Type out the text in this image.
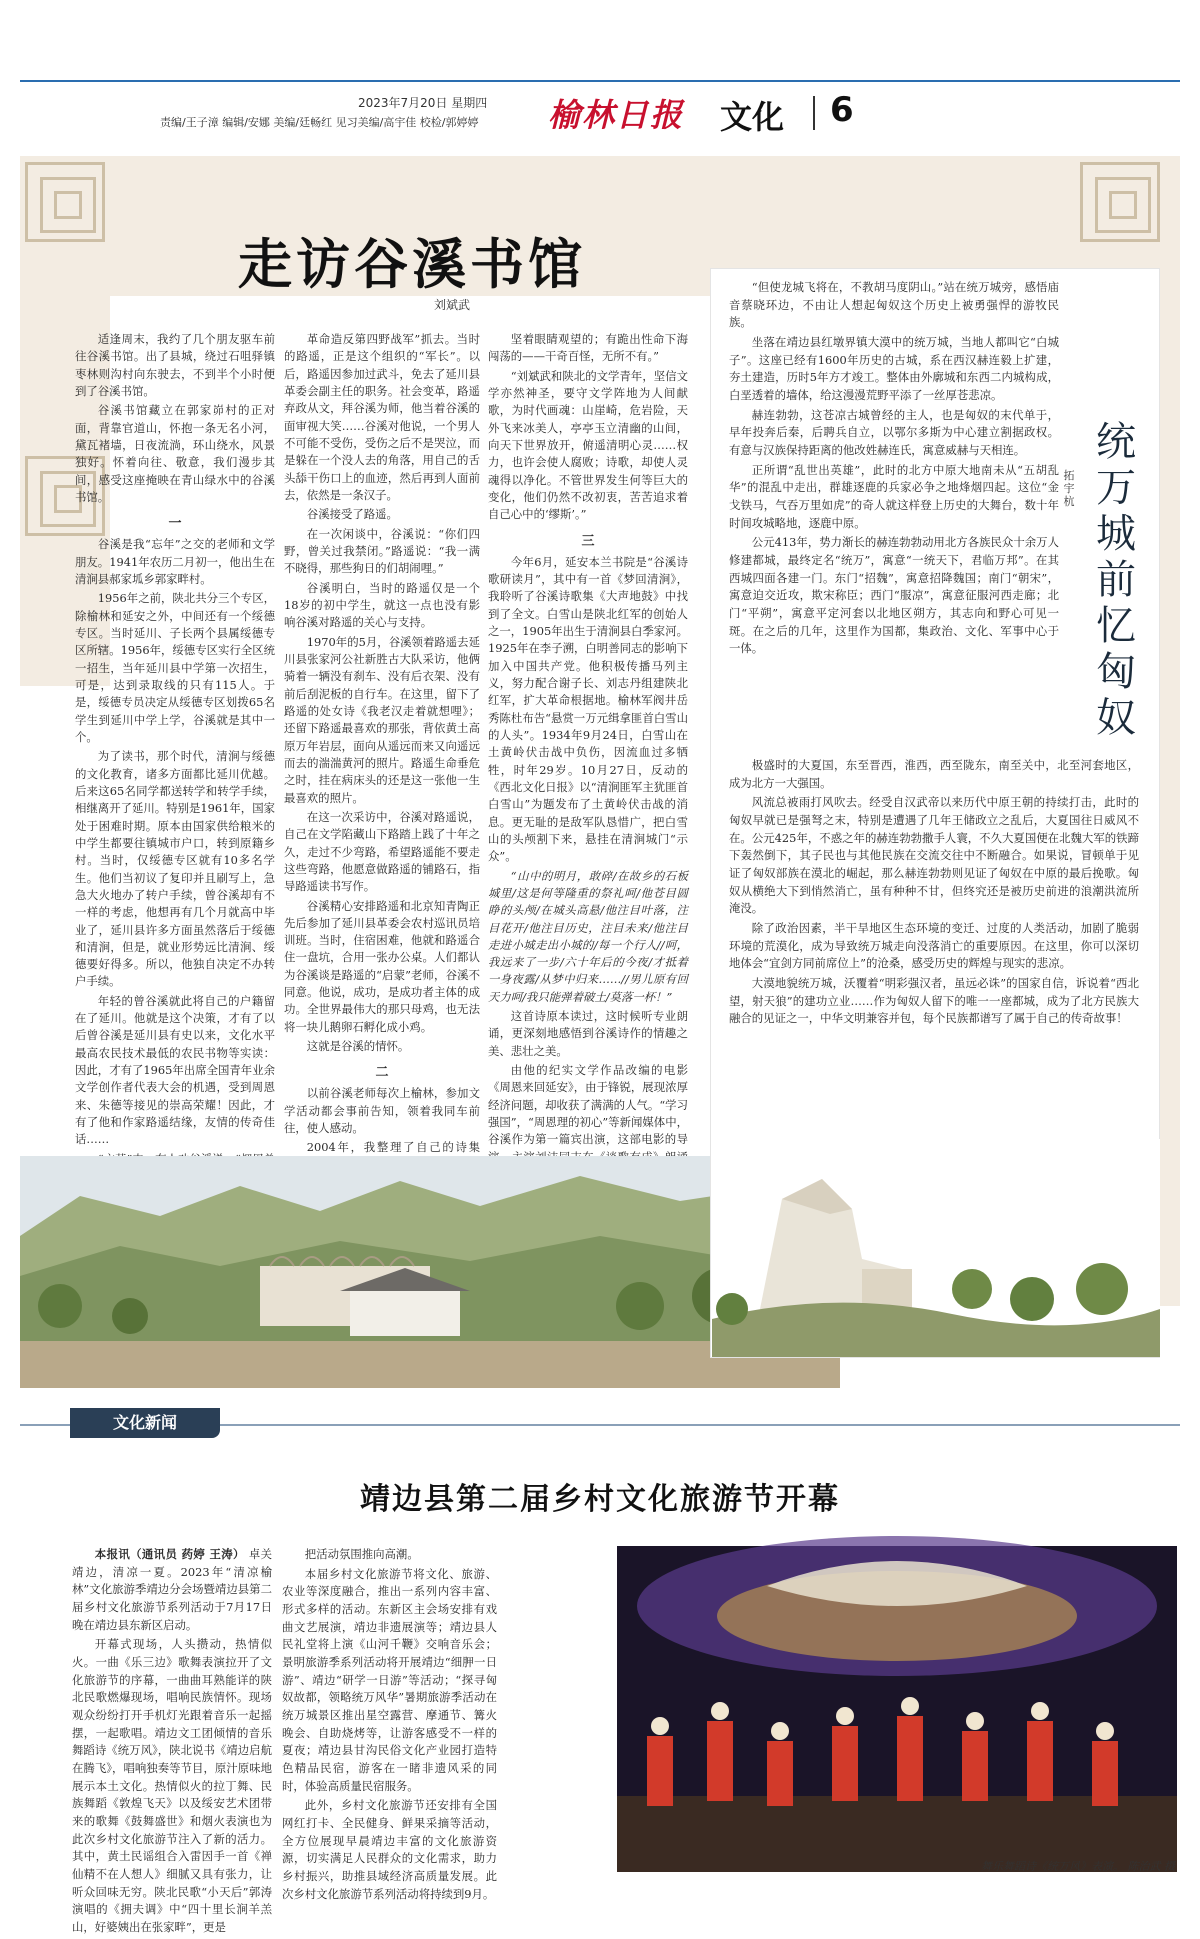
2023年7月20日 星期四
责编/王子漳 编辑/安娜 美编/廷畅红 见习美编/高宇佳 校检/郭婷婷 榆林日报 文化 6
走访谷溪书馆
刘斌武

适逢周末，我约了几个朋友驱车前往谷溪书馆。出了县城，绕过石咀驿镇枣林则沟村向东驶去，不到半个小时便到了谷溪书馆。

谷溪书馆藏立在郭家峁村的正对面，背靠官道山，怀抱一条无名小河，黛瓦褚墙，日夜流淌，环山绕水，风景独好。怀着向往、敬意，我们漫步其间，感受这座掩映在青山绿水中的谷溪书馆。

一

谷溪是我“忘年”之交的老师和文学朋友。1941年农历二月初一，他出生在清涧县郝家坬乡郭家畔村。

1956年之前，陕北共分三个专区，除榆林和延安之外，中间还有一个绥德专区。当时延川、子长两个县属绥德专区所辖。1956年，绥德专区实行全区统一招生，当年延川县中学第一次招生，可是，达到录取线的只有115人。于是，绥德专员决定从绥德专区划拨65名学生到延川中学上学，谷溪就是其中一个。

为了读书，那个时代，清涧与绥德的文化教育，诸多方面都比延川优越。后来这65名同学都送转学和转学手续，相继离开了延川。特别是1961年，国家处于困难时期。原本由国家供给粮米的中学生都要往镇城市户口，转到原籍乡村。当时，仅绥德专区就有10多名学生。他们当初议了复印并且刷写上，急急大火地办了转户手续，曾谷溪却有不一样的考虑，他想再有几个月就高中毕业了，延川县许多方面虽然落后于绥德和清涧，但是，就业形势远比清涧、绥德要好得多。所以，他独自决定不办转户手续。

年轻的曾谷溪就此将自己的户籍留在了延川。他就是这个决策，才有了以后曾谷溪是延川县有史以来，文化水平最高农民技术最低的农民书物等实读：因此，才有了1965年出席全国青年业余文学创作者代表大会的机遇，受到周恩来、朱德等接见的崇高荣耀！因此，才有了他和作家路遥结缘，友情的传奇佳话……

革命造反第四野战军”抓去。当时的路遥，正是这个组织的“军长”。以后，路遥因参加过武斗，免去了延川县革委会副主任的职务。社会变革，路遥弃政从文，拜谷溪为师，他当着谷溪的面审视大笑……谷溪对他说，一个男人不可能不受伤，受伤之后不是哭泣，而是躲在一个没人去的角落，用自己的舌头舔干伤口上的血迹，然后再到人面前去，依然是一条汉子。

谷溪接受了路遥。

在一次闲谈中，谷溪说：“你们四野，曾关过我禁闭。”路遥说：“我一满不晓得，那些狗日的们胡闹哩。”

谷溪明白，当时的路遥仅是一个18岁的初中学生，就这一点也没有影响谷溪对路遥的关心与支持。

1970年的5月，谷溪领着路遥去延川县张家河公社新胜古大队采访，他俩骑着一辆没有刹车、没有后衣架、没有前后刮泥板的自行车。在这里，留下了路遥的处女诗《我老汉走着就想哩》；还留下路遥最喜欢的那张，背依黄土高原万年岩层，面向从遥远而来又向遥远而去的湍湍黄河的照片。路遥生命垂危之时，挂在病床头的还是这一张他一生最喜欢的照片。

在这一次采访中，谷溪对路遥说，自己在文学陷藏山下路踏上践了十年之久，走过不少弯路，希望路遥能不要走这些弯路，他愿意做路遥的铺路石，指导路遥读书写作。

谷溪精心安排路遥和北京知青陶正先后参加了延川县革委会农村巡讯员培训班。当时，住宿困难，他就和路遥合住一盘坑，合用一张办公桌。人们都认为谷溪谈是路遥的“启蒙”老师，谷溪不同意。他说，成功，是成功者主体的成功。全世界最伟大的那只母鸡，也无法将一块儿鹅卵石孵化成小鸡。

这就是谷溪的情怀。

二

以前谷溪老师每次上榆林，参加文学活动都会事前告知，领着我同车前往，使人感动。

2004年，我整理了自己的诗集

坚着眼睛观望的；有跪出性命下海闯荡的——干奇百怪，无所不有。”

“刘斌武和陕北的文学青年，坚信文学亦然神圣，要守文学阵地为人间献歌，为时代画魂：山崖崎，危岩险，天外飞来冰美人，亭亭玉立清幽的山间，向天下世界放开，俯遥清明心灵……权力，也许会使人腐败；诗歌，却使人灵魂得以净化。不管世界发生何等巨大的变化，他们仍然不改初衷，苦苦追求着自己心中的‘缪斯’。”

三

今年6月，延安本兰书院是“谷溪诗歌研读月”，其中有一首《梦回清涧》，我聆听了谷溪诗歌集《大声地鼓》中找到了全文。白雪山是陕北红军的创始人之一，1905年出生于清涧县白季家河。1925年在李子溯，白明善同志的影响下加入中国共产党。他积极传播马列主义，努力配合谢子长、刘志丹组建陕北红军，扩大革命根据地。榆林军阀井岳秀陈杜布告“悬赏一万元缉拿匪首白雪山的人头”。1934年9月24日，白雪山在土黄岭伏击战中负伤，因流血过多牺牲，时年29岁。10月27日，反动的《西北文化日报》以“清涧匪军主犹匪首白雪山”为题发布了土黄岭伏击战的消息。更无耻的是敌军队恳惜广，把白雪山的头颅割下来，悬挂在清涧城门“示众”。

“山中的明月，敢碎/在故乡的石板城里/这是何等隆重的祭礼呵/他苍目圆睁的头颅/在城头高悬/他注目叶落，注目花开/他注目历史，注目未来/他注目走进小城走出小城的/每一个行人//呵，我远来了一步/六十年后的今夜/才抵着一身夜露/从梦中归来……//男儿原有回天力呵/我只能弹着破土/莫落一杯！”

这首诗原本读过，这时候听专业朗诵，更深刻地感悟到谷溪诗作的情趣之美、悲壮之美。

由他的纪实文学作品改编的电影《周恩来回延安》，由于锋锐，展现浓厚经济问题，却收获了满满的人气。“学习强国”，“周恩理的初心”等新闻媒体中，谷溪作为第一篇宾出演，这部电影的导

统万城前忆匈奴
拓宇杭

“但使龙城飞将在，不教胡马度阴山。”站在统万城旁，感悟庙音蔡晓环边，不由让人想起匈奴这个历史上被勇强悍的游牧民族。

坐落在靖边县红墩界镇大漠中的统万城，当地人都叫它“白城子”。这座已经有1600年历史的古城，系在西汉赫连毅上扩建，夯土建造，历时5年方才竣工。整体由外廓城和东西二内城构成，白垩透着的墙体，给这漫漫荒野平添了一丝厚苍悲凉。

赫连勃勃，这苍凉古城曾经的主人，也是匈奴的末代单于，早年投奔后秦，后聘兵自立，以鄂尔多斯为中心建立割据政权。有意与汉族保持距离的他改姓赫连氏，寓意威赫与天相连。

正所谓“乱世出英雄”，此时的北方中原大地南未从“五胡乱华”的混乱中走出，群雄逐鹿的兵家必争之地烽烟四起。这位“金戈铁马，气吞万里如虎”的奇人就这样登上历史的大舞台，数十年时间攻城略地，逐鹿中原。

公元413年，势力渐长的赫连勃勃动用北方各族民众十余万人修建都城，最终定名“统万”，寓意“一统天下，君临万邦”。在其西城四面各建一门。东门“招魏”，寓意招降魏国；南门“朝宋”，寓意迫交近攻，欺宋称臣；西门“服凉”，寓意征服河西走廊；北门“平朔”，寓意平定河套以北地区朔方，其志向和野心可见一斑。在之后的几年，这里作为国都，集政治、文化、军事中心于一体。

极盛时的大夏国，东至晋西，淮西，西至陇东，南至关中，北至河套地区，成为北方一大强国。

风流总被雨打风吹去。经受自汉武帝以来历代中原王朝的持续打击，此时的匈奴早就已是强弩之末，特别是遭遇了几年王储政立之乱后，大夏国往日威风不在。公元425年，不惑之年的赫连勃勃撒手人寰，不久大夏国便在北魏大军的铁蹄下轰然倒下，其子民也与其他民族在交流交往中不断融合。如果说，冒顿单于见证了匈奴部族在漠北的崛起，那么赫连勃勃则见证了匈奴在中原的最后挽歌。匈奴从横绝大下到悄然消亡，虽有种种不甘，但终究还是被历史前进的浪潮洪流所淹没。

除了政治因素，半干旱地区生态环境的变迁、过度的人类活动，加剧了脆弱环境的荒漠化，成为导致统万城走向没落消亡的重要原因。在这里，你可以深切地体会“宜剑方同前席位上”的沧桑，感受历史的辉煌与现实的悲凉。

大漠地貌统万城，沃覆着“明彩强汉者，虽远必诛”的国家自信，诉说着“西北望，射天狼”的建功立业……作为匈奴人留下的唯一一座都城，成为了北方民族大融合的见证之一，中华文明兼容并包，每个民族都谱写了属于自己的传奇故事！

文化新闻
靖边县第二届乡村文化旅游节开幕

本报讯（通讯员 药婷 王涛） 卓关靖边，清凉一夏。2023年“清凉榆林”文化旅游季靖边分会场暨靖边县第二届乡村文化旅游节系列活动于7月17日晚在靖边县东新区启动。

开幕式现场，人头攒动，热情似火。一曲《乐三边》歌舞表演拉开了文化旅游节的序幕，一曲曲耳熟能详的陕北民歌燃爆现场，唱响民族情怀。现场观众纷纷打开手机灯光跟着音乐一起摇摆，一起歌唱。靖边文工团倾情的音乐舞蹈诗《统万风》，陕北说书《靖边启航在腾飞》，唱响独奏等节目，原汁原味地展示本土文化。热情似火的拉丁舞、民族舞蹈《敦煌飞天》以及绥安艺术团带来的歌舞《鼓舞盛世》和烟火表演也为此次乡村文化旅游节注入了新的活力。其中，黄土民谣组合入雷因手一首《禅仙精不在人想人》细腻又具有张力，让听众回味无穷。陕北民歌“小天后”郭涛演唱的《拥夫调》中“四十里长涧羊羔山，好婆姨出在张家畔”，更是

把活动氛围推向高潮。

本届乡村文化旅游节将文化、旅游、农业等深度融合，推出一系列内容丰富、形式多样的活动。东新区主会场安排有戏曲文艺展演，靖边非遗展演等；靖边县人民礼堂将上演《山河千鞭》交响音乐会；景明旅游季系列活动将开展靖边“细胛一日游”、靖边“研学一日游”等活动；“探寻匈奴故都，领略统万风华”暑期旅游季活动在统万城景区推出星空露营、摩通节、篝火晚会、自助烧烤等，让游客感受不一样的夏夜；靖边县甘沟民俗文化产业园打造特色精品民宿，游客在一睹非遗风采的同时，体验高质量民宿服务。

此外，乡村文化旅游节还安排有全国网红打卡、全民健身、鲜果采摘等活动，全方位展现早晨靖边丰富的文化旅游资源，切实满足人民群众的文化需求，助力乡村振兴，助推县域经济高质量发展。此次乡村文化旅游节系列活动将持续到9月。

舞乐舞蹈诗《统万风》表演。 陈治武 摄
